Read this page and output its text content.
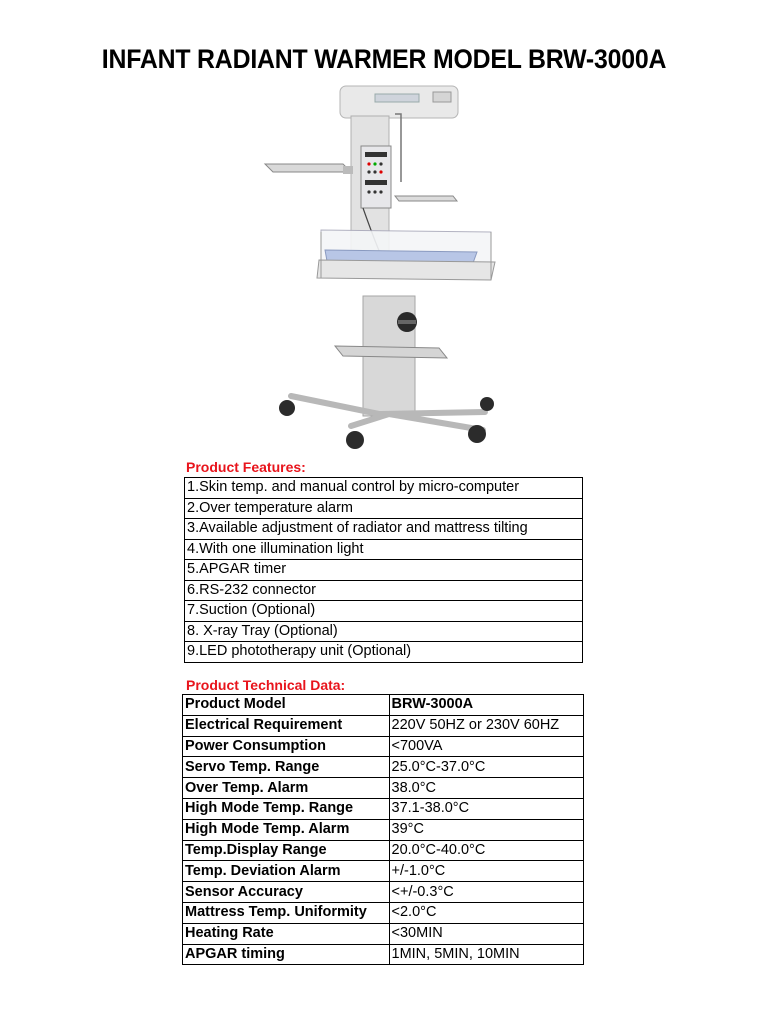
INFANT RADIANT WARMER MODEL BRW-3000A
Product Features:
1.Skin temp. and manual control by micro-computer
2.Over temperature alarm
3.Available adjustment of radiator and mattress tilting
4.With one illumination light
5.APGAR timer
6.RS-232 connector
7.Suction (Optional)
8. X-ray Tray (Optional)
9.LED phototherapy unit (Optional)
Product Technical Data:
Product Model	BRW-3000A
Electrical Requirement	220V 50HZ or 230V 60HZ
Power Consumption	<700VA
Servo Temp. Range	25.0°C-37.0°C
Over Temp. Alarm	38.0°C
High Mode Temp. Range	37.1-38.0°C
High Mode Temp. Alarm	39°C
Temp.Display Range	20.0°C-40.0°C
Temp. Deviation Alarm	+/-1.0°C
Sensor Accuracy	<+/-0.3°C
Mattress Temp. Uniformity	<2.0°C
Heating Rate	<30MIN
APGAR timing	1MIN, 5MIN, 10MIN
